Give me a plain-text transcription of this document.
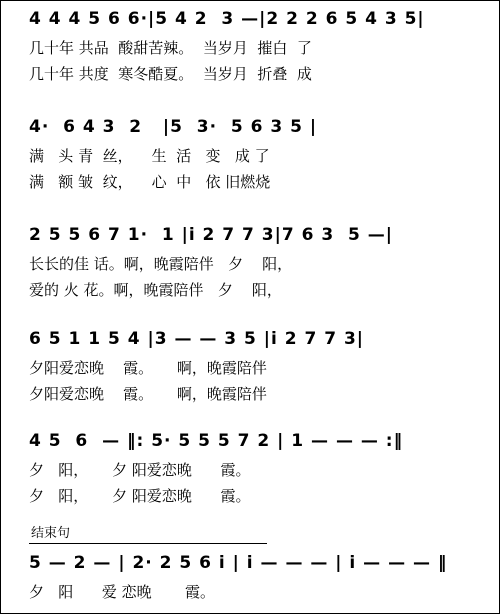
4 4 4 5 6 6·|5 4 2  3 —|2 2 2 6 5 4 3 5|
几十年 共品  酸甜苦辣。  当岁月  摧白  了
几十年 共度  寒冬酷夏。  当岁月  折叠  成
4·  6 4 3  2   |5  3·  5 6 3 5 |
满   头 青  丝，    生  活   变   成 了
满   额 皱  纹，    心  中   依 旧燃烧
2 5 5 6 7 1·  1 |i 2 7 7 3|7 6 3  5 —|
长长的佳 话。啊，晚霞陪伴   夕    阳，
爱的 火 花。啊，晚霞陪伴   夕    阳，
6 5 1 1 5 4 |3 — — 3 5 |i 2 7 7 3|
夕阳爱恋晚    霞。     啊，晚霞陪伴
夕阳爱恋晚    霞。     啊，晚霞陪伴
4 5  6  — ‖: 5· 5 5 5 7 2 | 1 — — — :‖
夕   阳，     夕 阳爱恋晚      霞。
夕   阳，     夕 阳爱恋晚      霞。
结束句
5 — 2 — | 2· 2 5 6 i | i — — — | i — — — ‖
夕   阳      爱 恋晚       霞。
